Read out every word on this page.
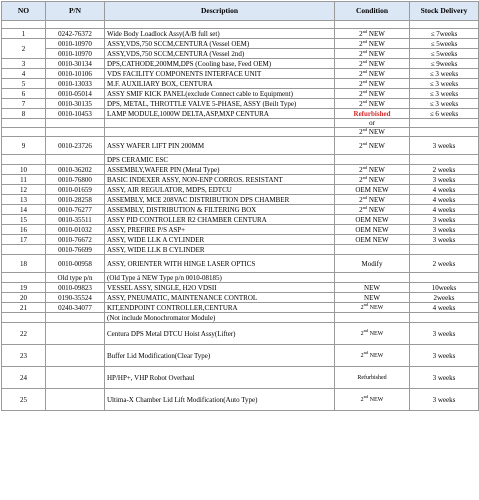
NO	P/N	Description	Condition	Stock Delivery

1	0242-76372	Wide Body Loadlock Assy(A/B full set)	2nd NEW	≤ 7weeks
2	0010-10970	ASSY,VDS,750 SCCM,CENTURA (Vessel OEM)	2nd NEW	≤ 5weeks
	0010-10970	ASSY,VDS,750 SCCM,CENTURA (Vessel 2nd)	2nd NEW	≤ 5weeks
3	0010-30134	DPS,CATHODE,200MM,DPS (Cooling base, Feed OEM)	2nd NEW	≤ 9weeks
4	0010-10106	VDS FACILITY COMPONENTS INTERFACE UNIT	2nd NEW	≤ 3 weeks
5	0010-13033	M.F. AUXILIARY BOX, CENTURA	2nd NEW	≤ 3 weeks
6	0010-05014	ASSY SMIF KICK PANEL(exclude Connect cable to Equipment)	2nd NEW	≤ 3 weeks
7	0010-30135	DPS, METAL, THROTTLE VALVE 5-PHASE, ASSY (Beilt Type)	2nd NEW	≤ 3 weeks
8	0010-10453	LAMP MODULE,1000W DELTA,ASP,MXP CENTURA	Refurbished	≤ 6 weeks
			or	
			2nd NEW	
9	0010-23726	ASSY WAFER LIFT PIN 200MM	2nd NEW	3 weeks
		DPS CERAMIC ESC		
10	0010-36202	ASSEMBLY,WAFER PIN (Metal Type)	2nd NEW	2 weeks
11	0010-76800	BASIC INDEXER ASSY, NON-ENP CORROS. RESISTANT	2nd NEW	3 weeks
12	0010-01659	ASSY, AIR REGULATOR, MDPS, EDTCU	OEM NEW	4 weeks
13	0010-28258	ASSEMBLY, MCE 208VAC DISTRIBUTION DPS CHAMBER	2nd NEW	4 weeks
14	0010-76277	ASSEMBLY, DISTRIBUTION & FILTERING BOX	2nd NEW	4 weeks
15	0010-35511	ASSY PID CONTROLLER R2 CHAMBER CENTURA	OEM NEW	3 weeks
16	0010-01032	ASSY, PREFIRE P/S ASP+	OEM NEW	3 weeks
17	0010-76672	ASSY, WIDE LLK A CYLINDER	OEM NEW	3 weeks
	0010-76699	ASSY, WIDE LLK B CYLINDER		
18	0010-00958	ASSY, ORIENTER WITH HINGE LASER OPTICS	Modify	2 weeks
	Old type p/n	(Old Type á NEW Type p/n 0010-08185)		
19	0010-09823	VESSEL ASSY, SINGLE, H2O VDSII	NEW	10weeks
20	0190-35524	ASSY, PNEUMATIC, MAINTENANCE CONTROL	NEW	2weeks
21	0240-34077	KIT,ENDPOINT CONTROLLER,CENTURA	2nd NEW	4 weeks
		(Not include Monochromator Module)		
22		Centura DPS Metal DTCU Hoist Assy(Lifter)	2nd NEW	3 weeks
23		Buffer Lid Modification(Clear Type)	2nd NEW	3 weeks
24		HP/HP+, VHP Robot Overhaul	Refurbished	3 weeks
25		Ultima-X Chamber Lid Lift Modification(Auto Type)	2nd NEW	3 weeks
